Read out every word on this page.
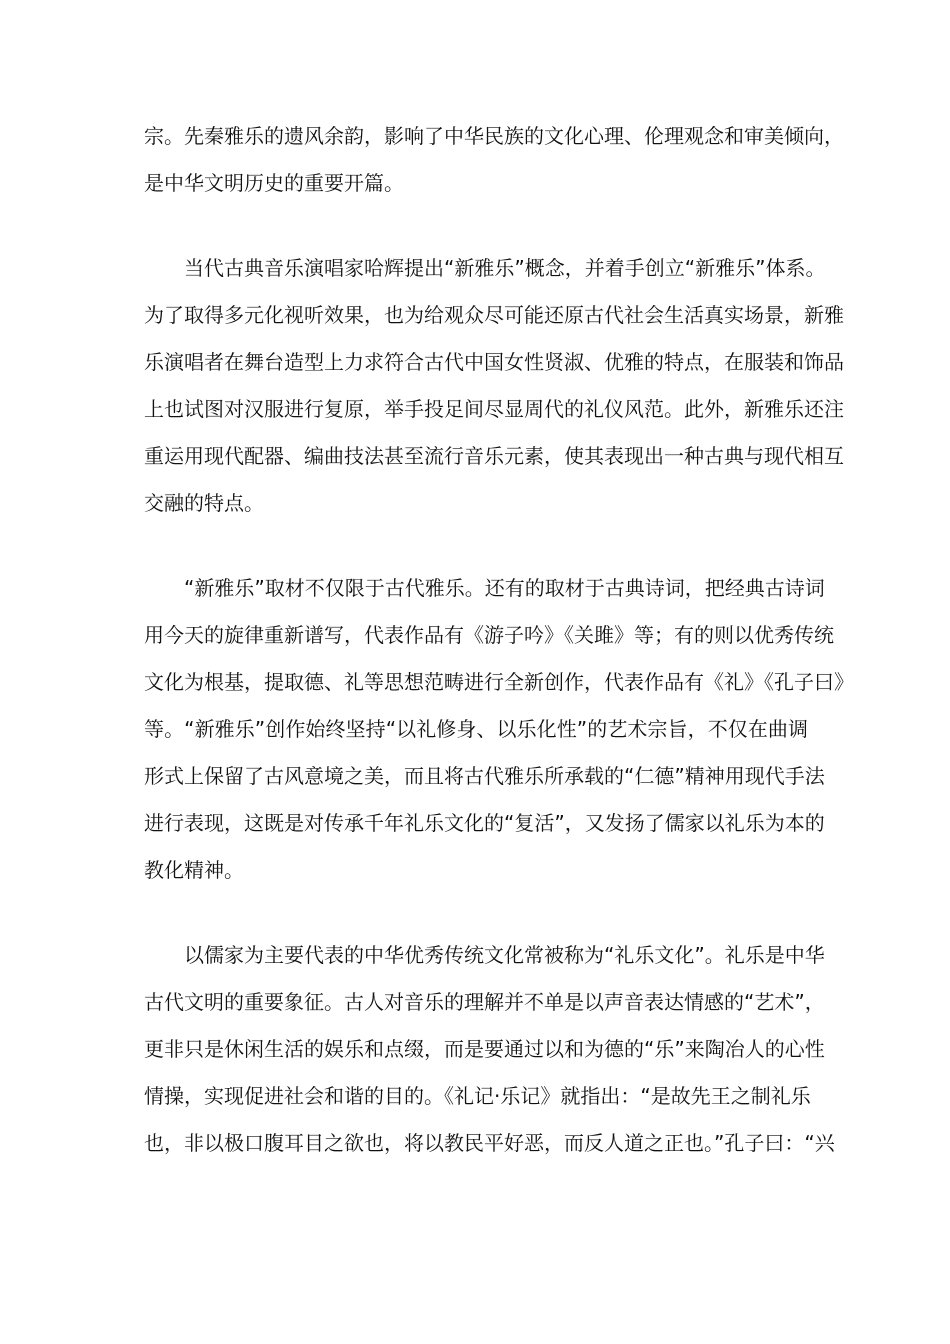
宗。先秦雅乐的遗风余韵，影响了中华民族的文化心理、伦理观念和审美倾向，
是中华文明历史的重要开篇。
当代古典音乐演唱家哈辉提出“新雅乐”概念，并着手创立“新雅乐”体系。
为了取得多元化视听效果，也为给观众尽可能还原古代社会生活真实场景，新雅
乐演唱者在舞台造型上力求符合古代中国女性贤淑、优雅的特点，在服装和饰品
上也试图对汉服进行复原，举手投足间尽显周代的礼仪风范。此外，新雅乐还注
重运用现代配器、编曲技法甚至流行音乐元素，使其表现出一种古典与现代相互
交融的特点。
“新雅乐”取材不仅限于古代雅乐。还有的取材于古典诗词，把经典古诗词
用今天的旋律重新谱写，代表作品有《游子吟》《关雎》等；有的则以优秀传统
文化为根基，提取德、礼等思想范畴进行全新创作，代表作品有《礼》《孔子曰》
等。“新雅乐”创作始终坚持“以礼修身、以乐化性”的艺术宗旨，不仅在曲调
形式上保留了古风意境之美，而且将古代雅乐所承载的“仁德”精神用现代手法
进行表现，这既是对传承千年礼乐文化的“复活”，又发扬了儒家以礼乐为本的
教化精神。
以儒家为主要代表的中华优秀传统文化常被称为“礼乐文化”。礼乐是中华
古代文明的重要象征。古人对音乐的理解并不单是以声音表达情感的“艺术”，
更非只是休闲生活的娱乐和点缀，而是要通过以和为德的“乐”来陶冶人的心性
情操，实现促进社会和谐的目的。《礼记·乐记》就指出：“是故先王之制礼乐
也，非以极口腹耳目之欲也，将以教民平好恶，而反人道之正也。”孔子曰：“兴
